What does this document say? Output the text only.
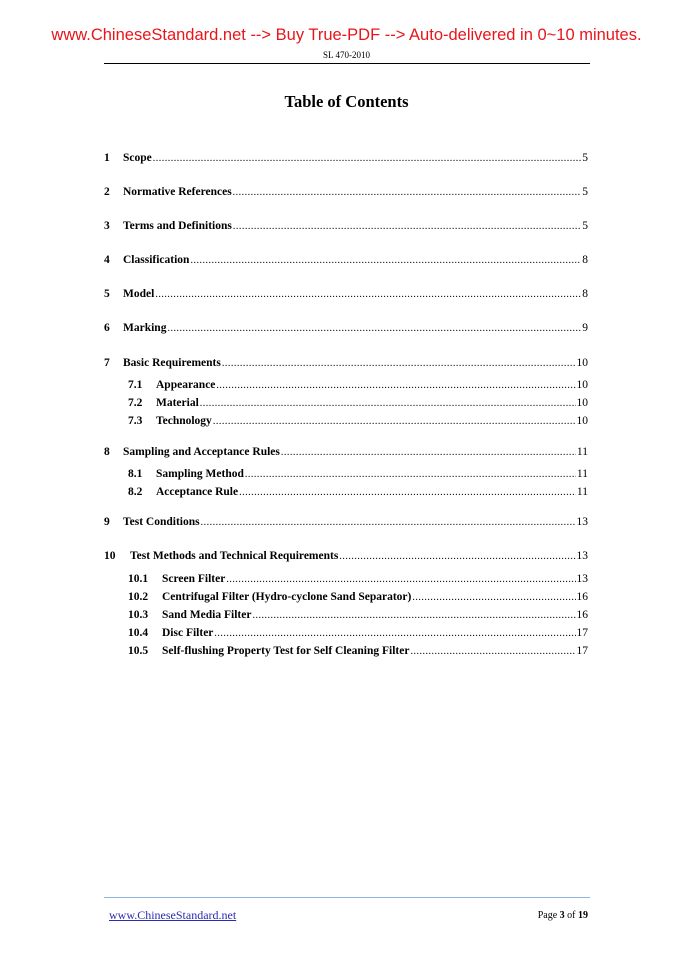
www.ChineseStandard.net --> Buy True-PDF --> Auto-delivered in 0~10 minutes.
SL 470-2010
Table of Contents
1	Scope .....	5
2	Normative References .....	5
3	Terms and Definitions .....	5
4	Classification .....	8
5	Model .....	8
6	Marking .....	9
7	Basic Requirements .....	10
7.1	Appearance .....	10
7.2	Material .....	10
7.3	Technology .....	10
8	Sampling and Acceptance Rules .....	11
8.1	Sampling Method .....	11
8.2	Acceptance Rule .....	11
9	Test Conditions .....	13
10	Test Methods and Technical Requirements .....	13
10.1	Screen Filter .....	13
10.2	Centrifugal Filter (Hydro-cyclone Sand Separator) .....	16
10.3	Sand Media Filter .....	16
10.4	Disc Filter .....	17
10.5	Self-flushing Property Test for Self Cleaning Filter .....	17
www.ChineseStandard.net	Page 3 of 19
